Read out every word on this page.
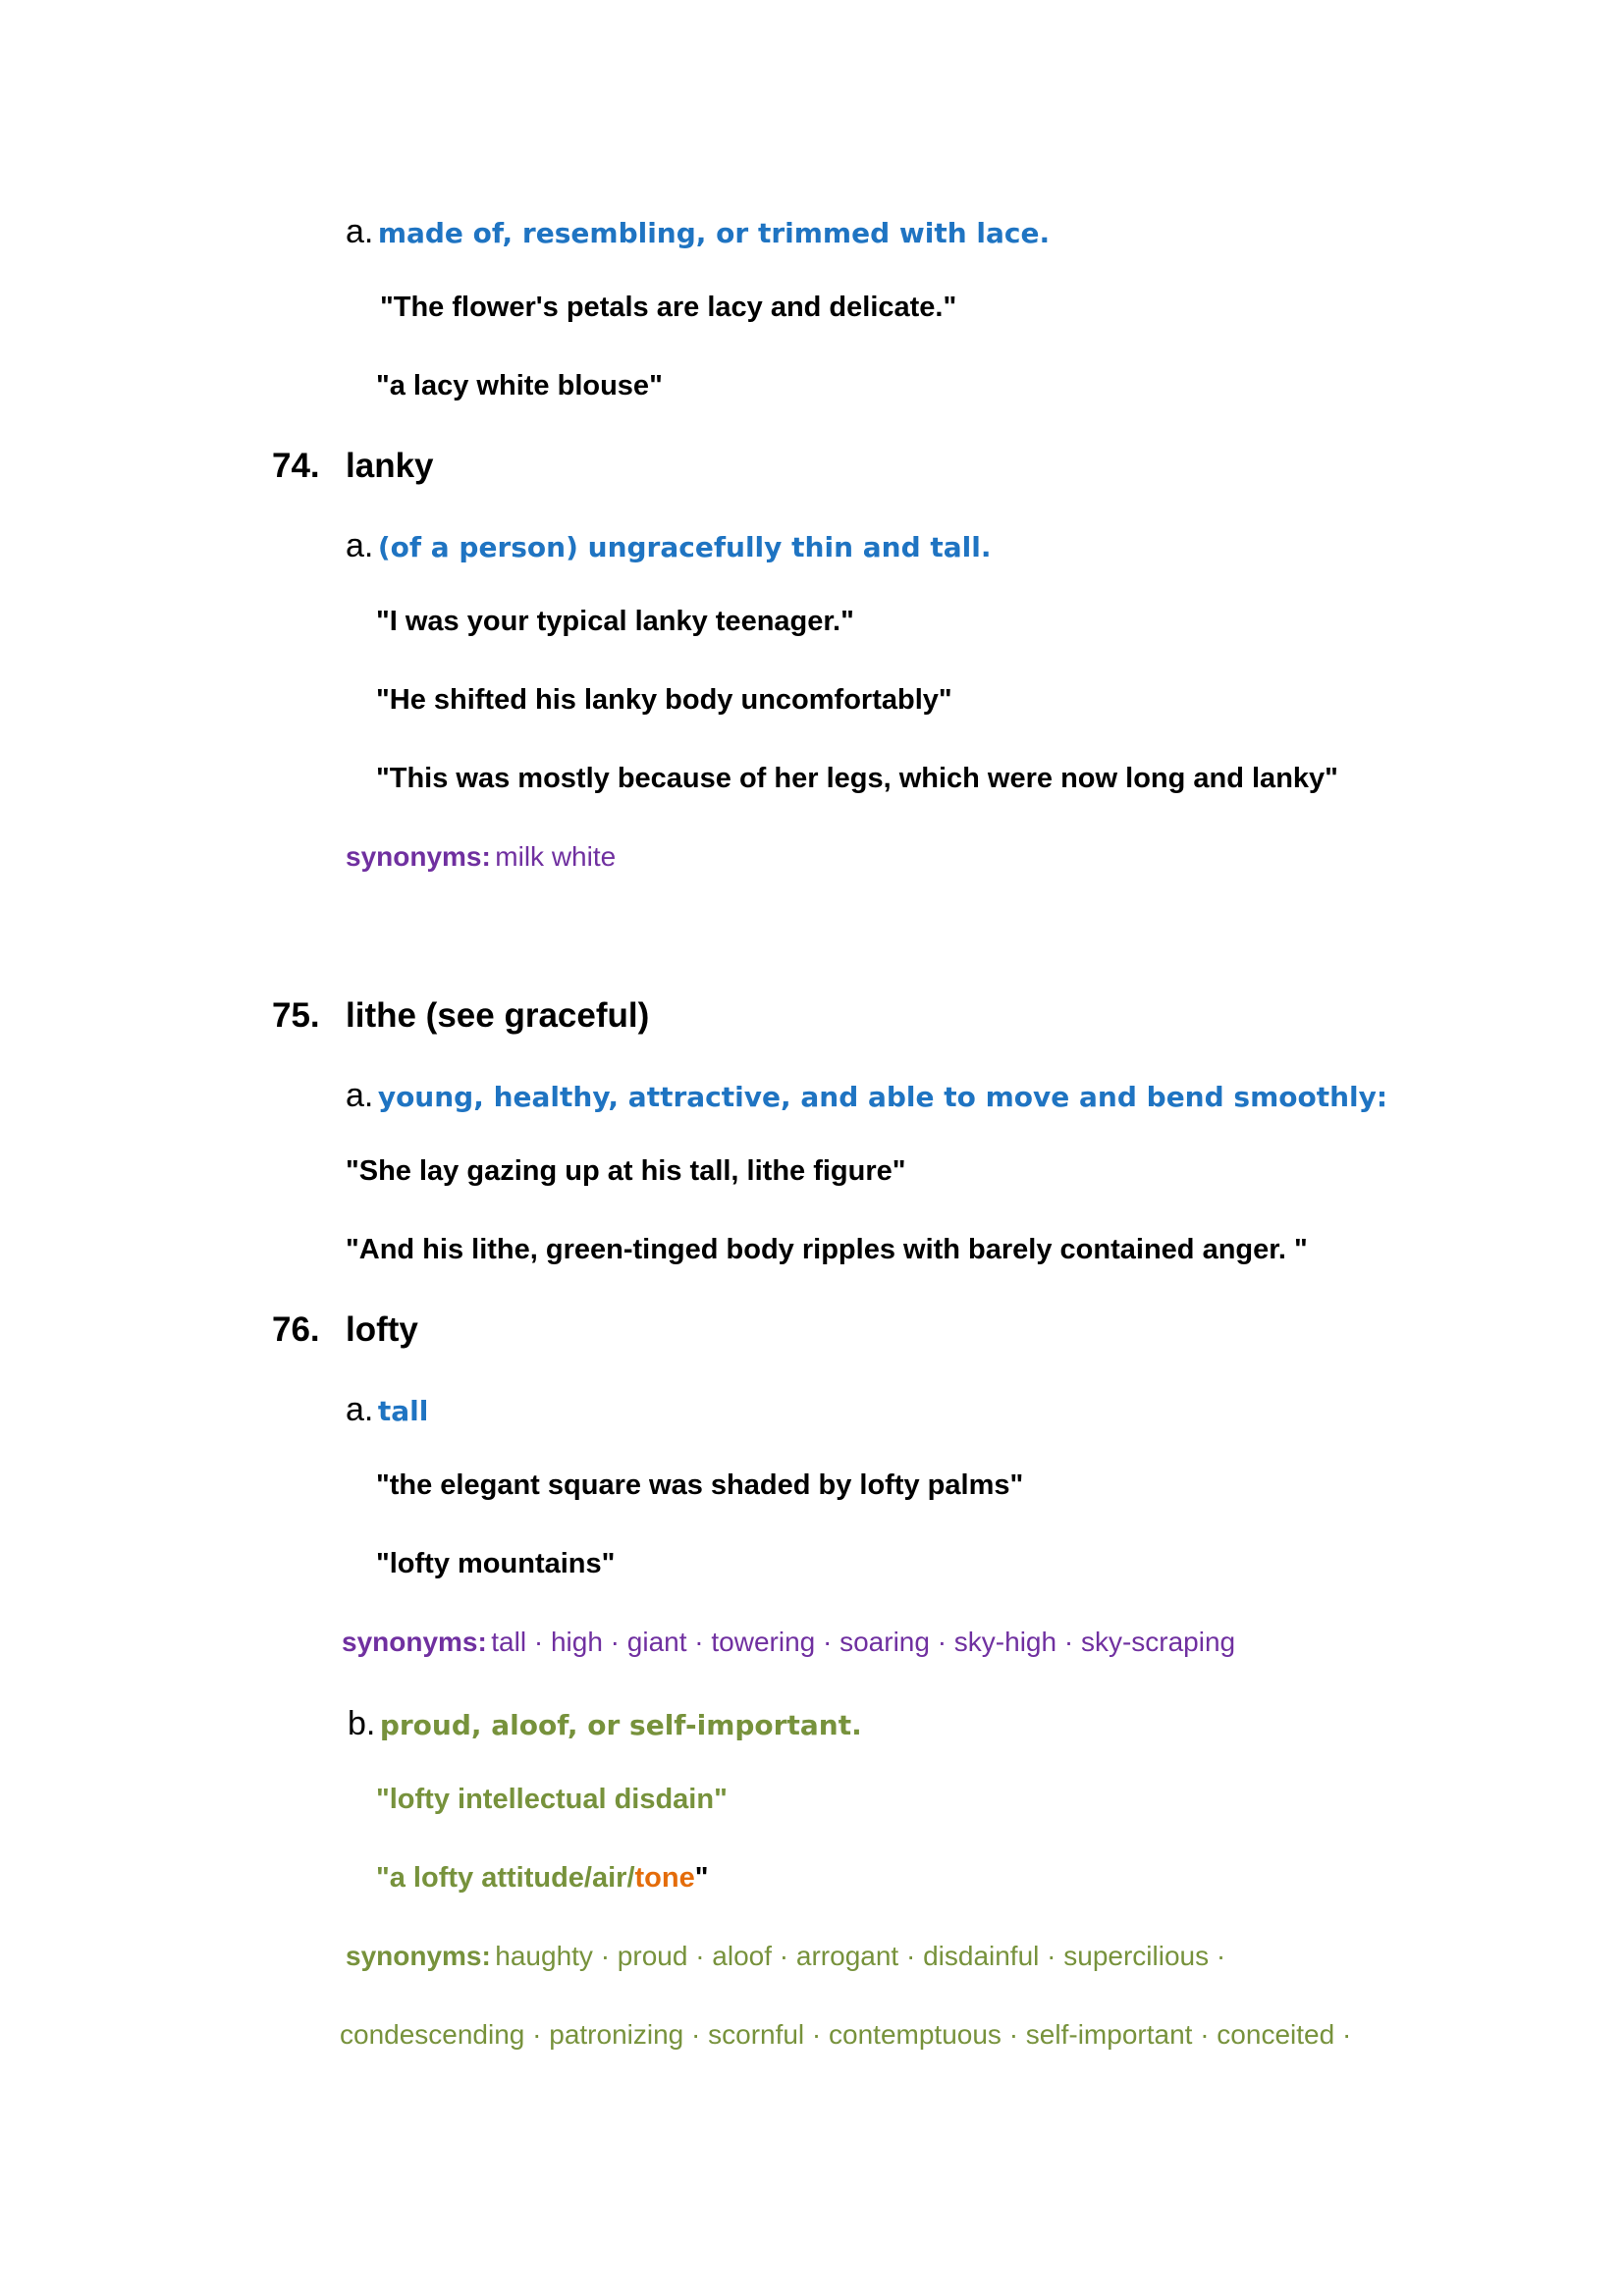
a. made of, resembling, or trimmed with lace.
"The flower's petals are lacy and delicate."
"a lacy white blouse"
74. lanky
a. (of a person) ungracefully thin and tall.
"I was your typical lanky teenager."
"He shifted his lanky body uncomfortably"
"This was mostly because of her legs, which were now long and lanky"
synonyms: milk white
75. lithe (see graceful)
a. young, healthy, attractive, and able to move and bend smoothly:
"She lay gazing up at his tall, lithe figure"
"And his lithe, green-tinged body ripples with barely contained anger. "
76. lofty
a. tall
"the elegant square was shaded by lofty palms"
"lofty mountains"
synonyms: tall · high · giant · towering · soaring · sky-high · sky-scraping
b. proud, aloof, or self-important.
"lofty intellectual disdain"
"a lofty attitude/air/tone"
synonyms: haughty · proud · aloof · arrogant · disdainful · supercilious ·
condescending · patronizing · scornful · contemptuous · self-important · conceited ·
